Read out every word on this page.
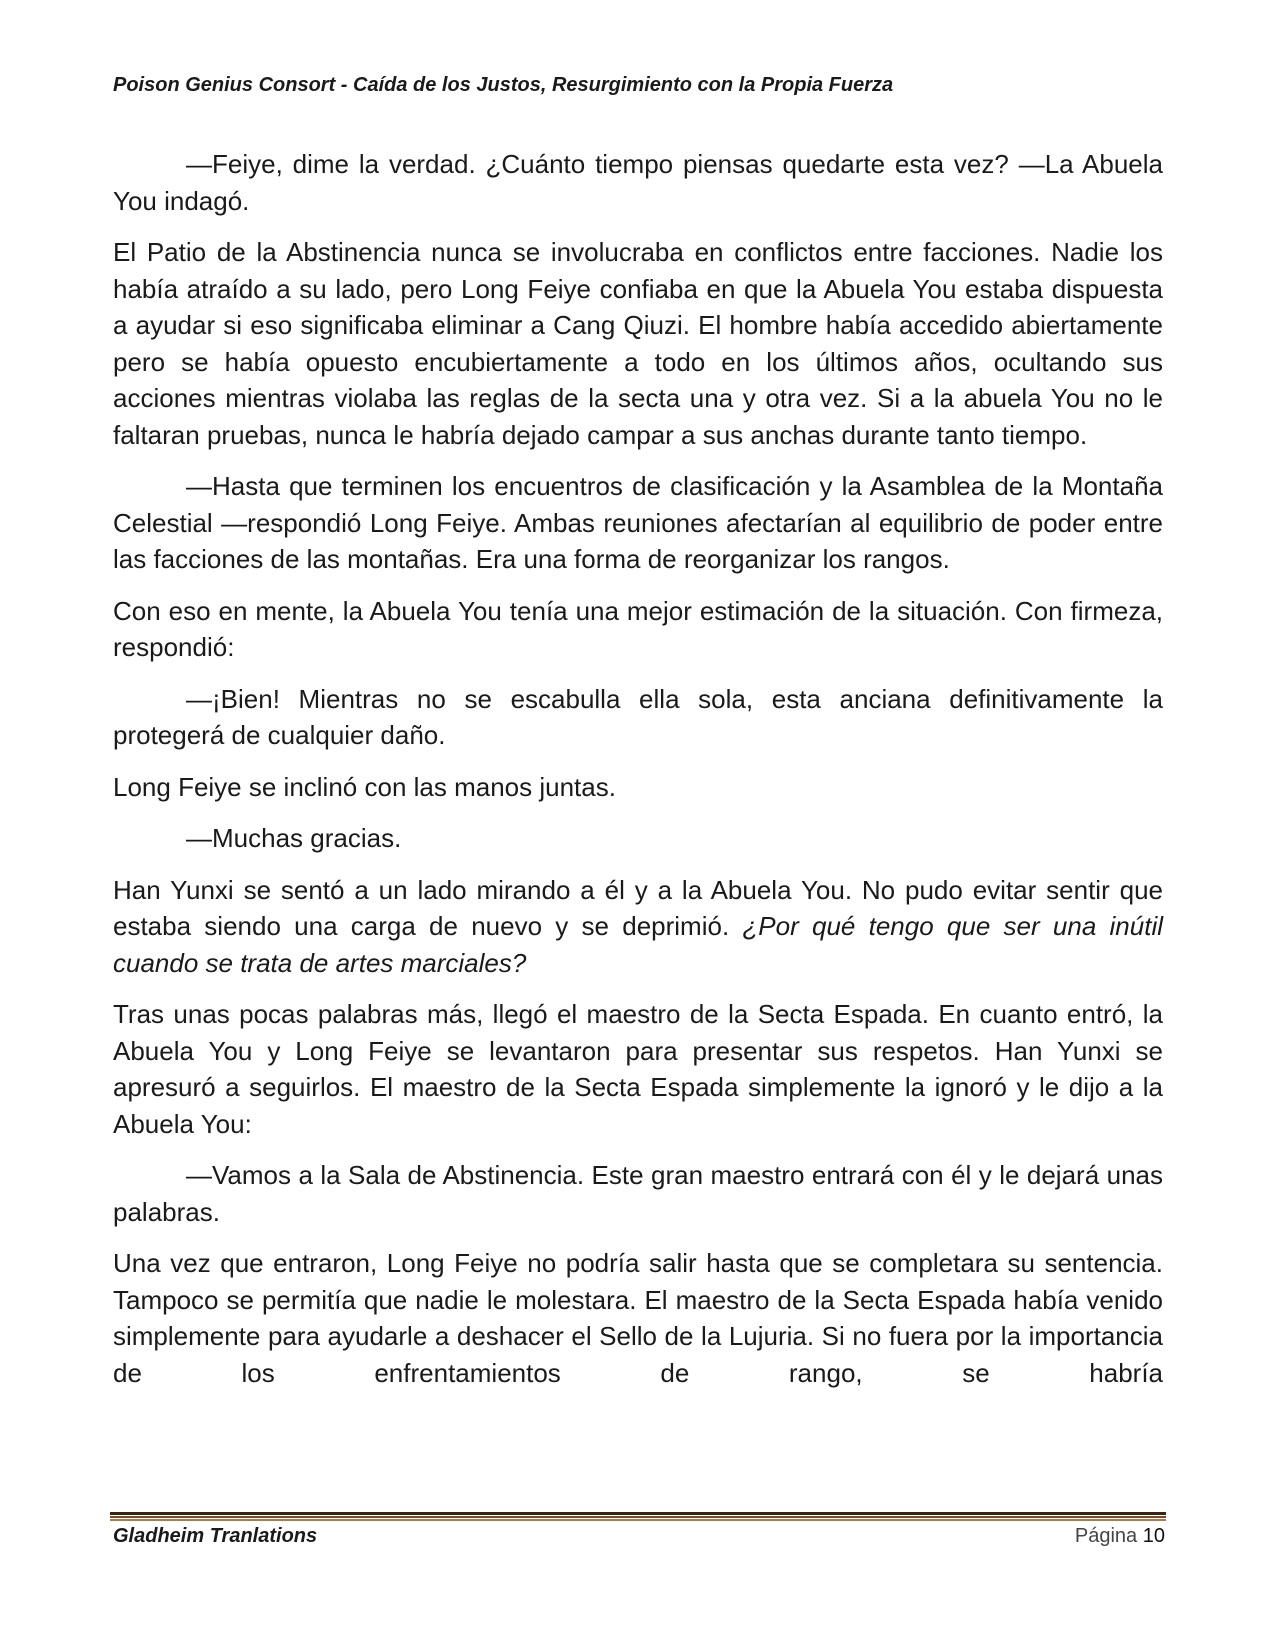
Poison Genius Consort - Caída de los Justos, Resurgimiento con la Propia Fuerza

—Feiye, dime la verdad. ¿Cuánto tiempo piensas quedarte esta vez? —La Abuela You indagó.

El Patio de la Abstinencia nunca se involucraba en conflictos entre facciones. Nadie los había atraído a su lado, pero Long Feiye confiaba en que la Abuela You estaba dispuesta a ayudar si eso significaba eliminar a Cang Qiuzi. El hombre había accedido abiertamente pero se había opuesto encubiertamente a todo en los últimos años, ocultando sus acciones mientras violaba las reglas de la secta una y otra vez. Si a la abuela You no le faltaran pruebas, nunca le habría dejado campar a sus anchas durante tanto tiempo.

—Hasta que terminen los encuentros de clasificación y la Asamblea de la Montaña Celestial —respondió Long Feiye. Ambas reuniones afectarían al equilibrio de poder entre las facciones de las montañas. Era una forma de reorganizar los rangos.

Con eso en mente, la Abuela You tenía una mejor estimación de la situación. Con firmeza, respondió:

—¡Bien! Mientras no se escabulla ella sola, esta anciana definitivamente la protegerá de cualquier daño.

Long Feiye se inclinó con las manos juntas.

—Muchas gracias.

Han Yunxi se sentó a un lado mirando a él y a la Abuela You. No pudo evitar sentir que estaba siendo una carga de nuevo y se deprimió. ¿Por qué tengo que ser una inútil cuando se trata de artes marciales?

Tras unas pocas palabras más, llegó el maestro de la Secta Espada. En cuanto entró, la Abuela You y Long Feiye se levantaron para presentar sus respetos. Han Yunxi se apresuró a seguirlos. El maestro de la Secta Espada simplemente la ignoró y le dijo a la Abuela You:

—Vamos a la Sala de Abstinencia. Este gran maestro entrará con él y le dejará unas palabras.

Una vez que entraron, Long Feiye no podría salir hasta que se completara su sentencia. Tampoco se permitía que nadie le molestara. El maestro de la Secta Espada había venido simplemente para ayudarle a deshacer el Sello de la Lujuria. Si no fuera por la importancia de los enfrentamientos de rango, se habría

Gladheim Tranlations	Página 10
